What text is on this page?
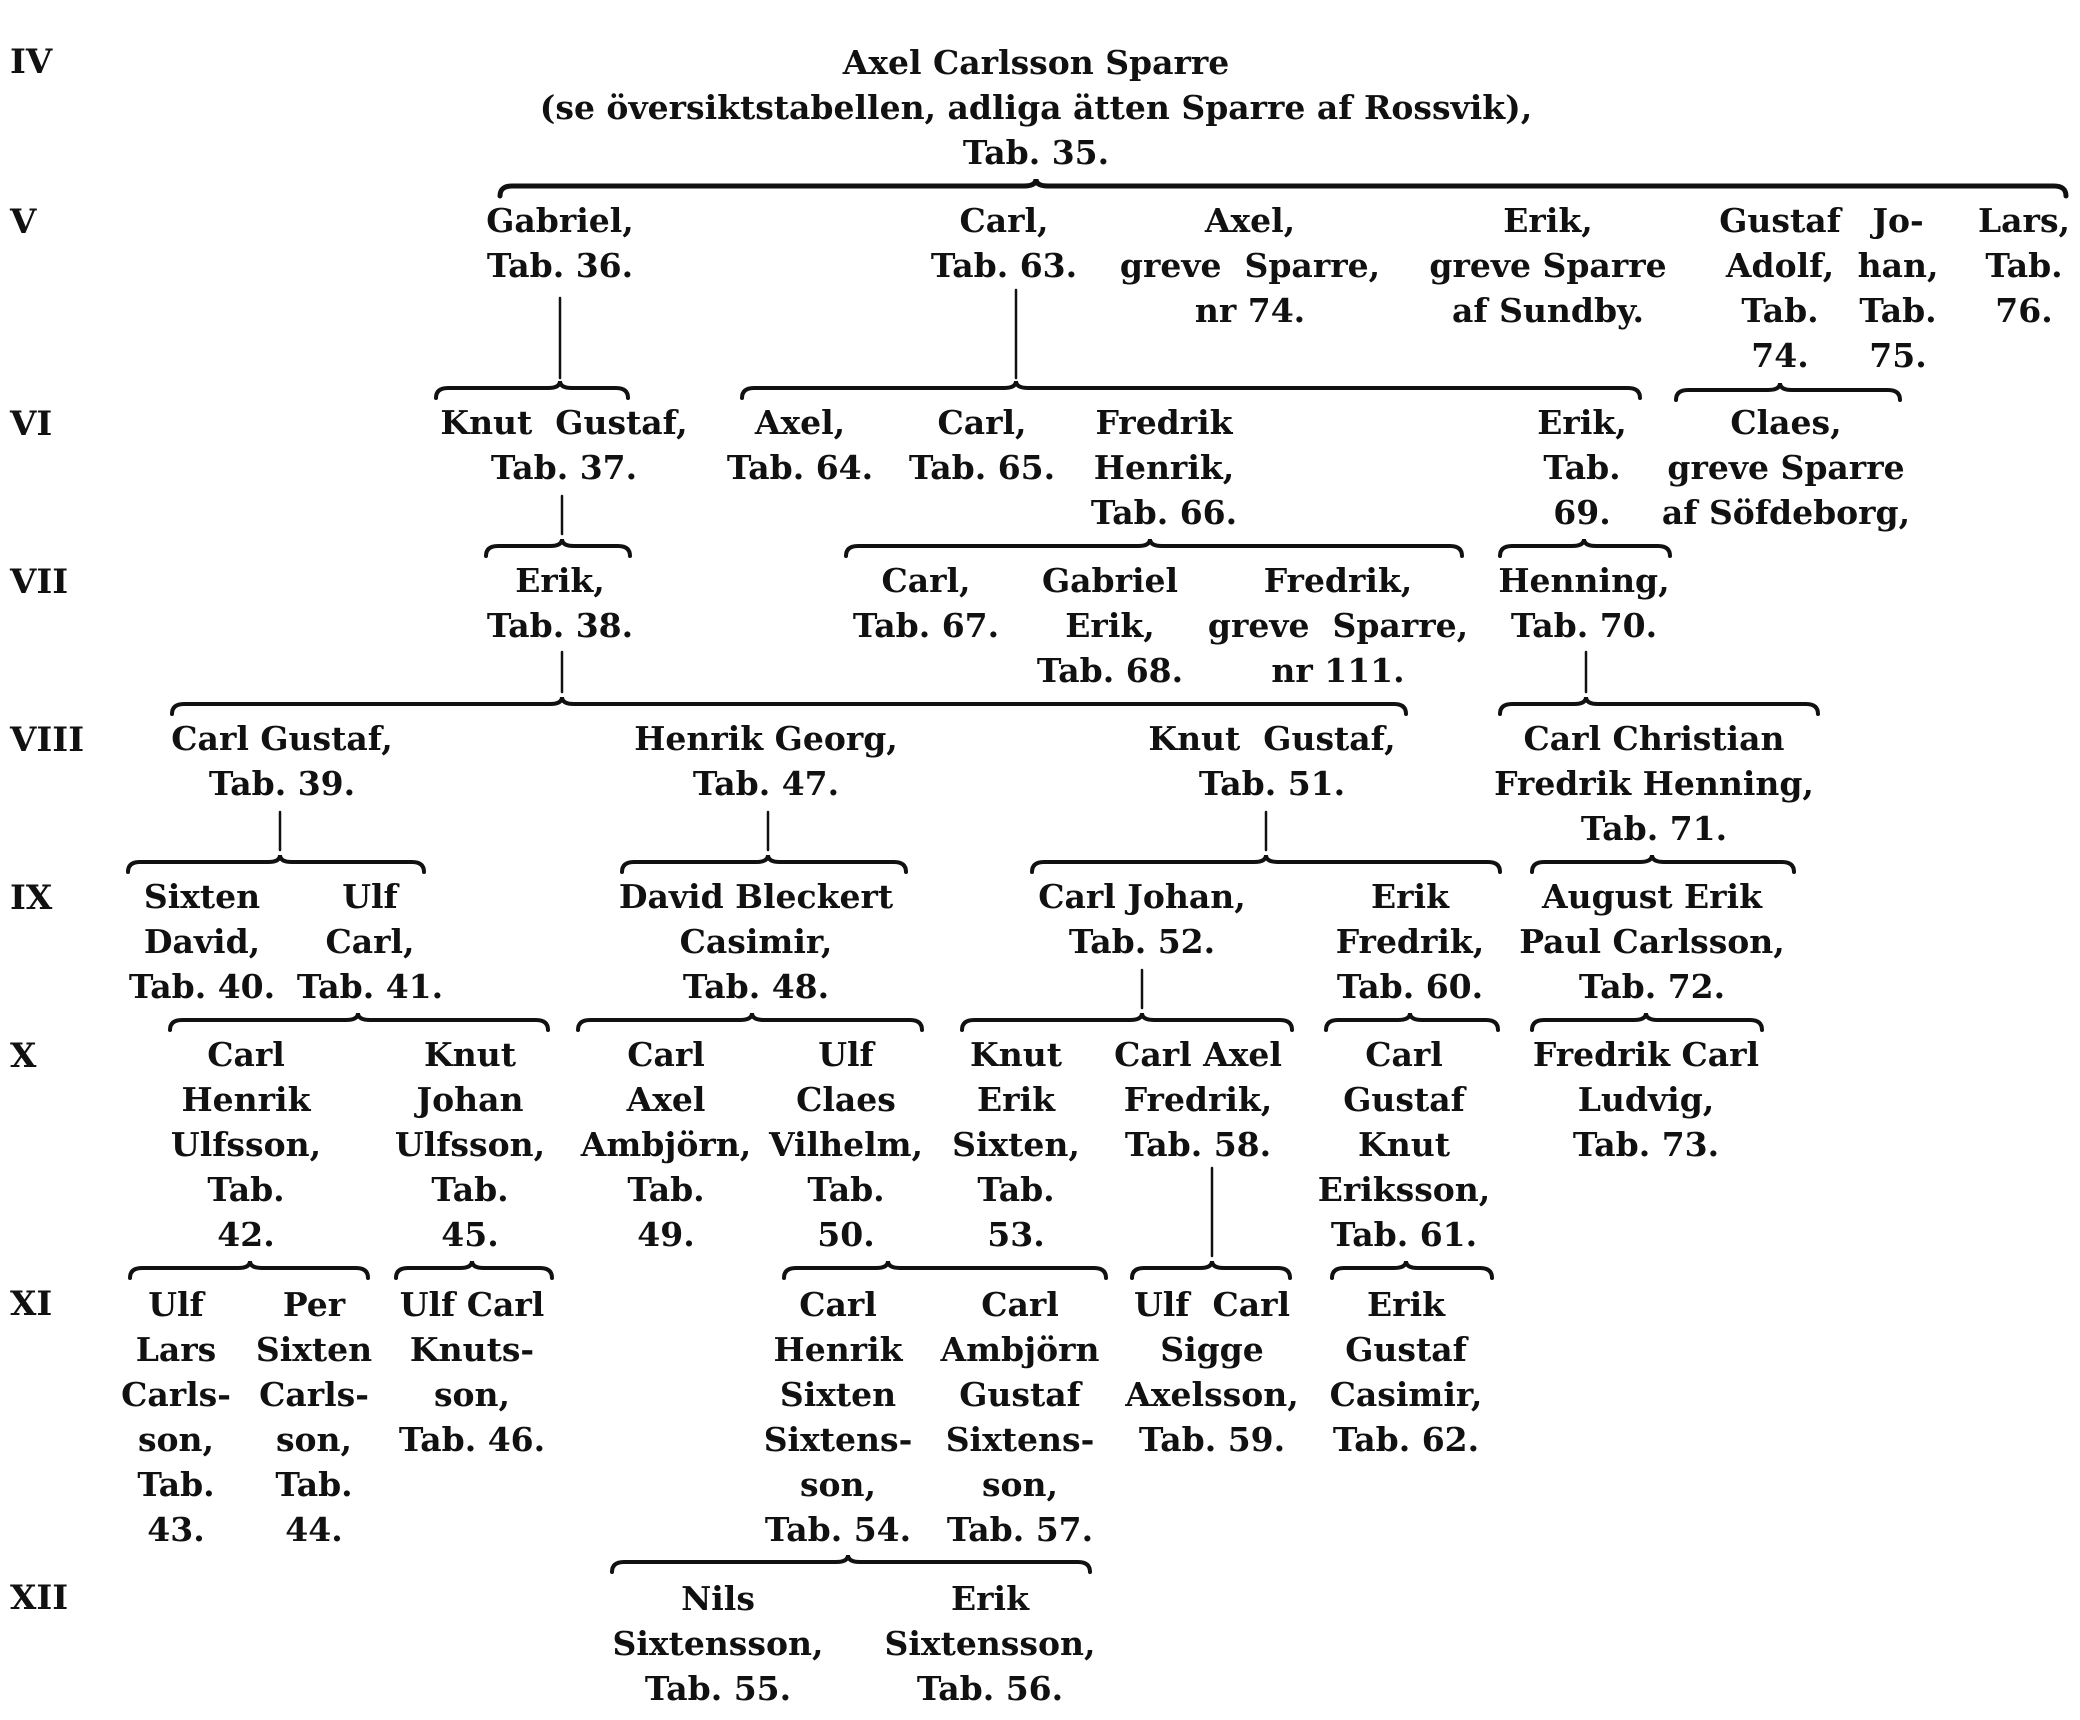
IV
V
VI
VII
VIII
IX
X
XI
XII
Axel Carlsson Sparre
(se översiktstabellen, adliga ätten Sparre af Rossvik),
Tab. 35.
Gabriel,
Tab. 36.
Carl,
Tab. 63.
Axel,
greve  Sparre,
nr 74.
Erik,
greve Sparre
af Sundby.
Gustaf
Adolf,
Tab.
74.
Jo-
han,
Tab.
75.
Lars,
Tab.
76.
Knut  Gustaf,
Tab. 37.
Axel,
Tab. 64.
Carl,
Tab. 65.
Fredrik
Henrik,
Tab. 66.
Erik,
Tab.
69.
Claes,
greve Sparre
af Söfdeborg,
Erik,
Tab. 38.
Carl,
Tab. 67.
Gabriel
Erik,
Tab. 68.
Fredrik,
greve  Sparre,
nr 111.
Henning,
Tab. 70.
Carl Gustaf,
Tab. 39.
Henrik Georg,
Tab. 47.
Knut  Gustaf,
Tab. 51.
Carl Christian
Fredrik Henning,
Tab. 71.
Sixten
David,
Tab. 40.
Ulf
Carl,
Tab. 41.
David Bleckert
Casimir,
Tab. 48.
Carl Johan,
Tab. 52.
Erik
Fredrik,
Tab. 60.
August Erik
Paul Carlsson,
Tab. 72.
Carl
Henrik
Ulfsson,
Tab.
42.
Knut
Johan
Ulfsson,
Tab.
45.
Carl
Axel
Ambjörn,
Tab.
49.
Ulf
Claes
Vilhelm,
Tab.
50.
Knut
Erik
Sixten,
Tab.
53.
Carl Axel
Fredrik,
Tab. 58.
Carl
Gustaf
Knut
Eriksson,
Tab. 61.
Fredrik Carl
Ludvig,
Tab. 73.
Ulf
Lars
Carls-
son,
Tab.
43.
Per
Sixten
Carls-
son,
Tab.
44.
Ulf Carl
Knuts-
son,
Tab. 46.
Carl
Henrik
Sixten
Sixtens-
son,
Tab. 54.
Carl
Ambjörn
Gustaf
Sixtens-
son,
Tab. 57.
Ulf  Carl
Sigge
Axelsson,
Tab. 59.
Erik
Gustaf
Casimir,
Tab. 62.
Nils
Sixtensson,
Tab. 55.
Erik
Sixtensson,
Tab. 56.
